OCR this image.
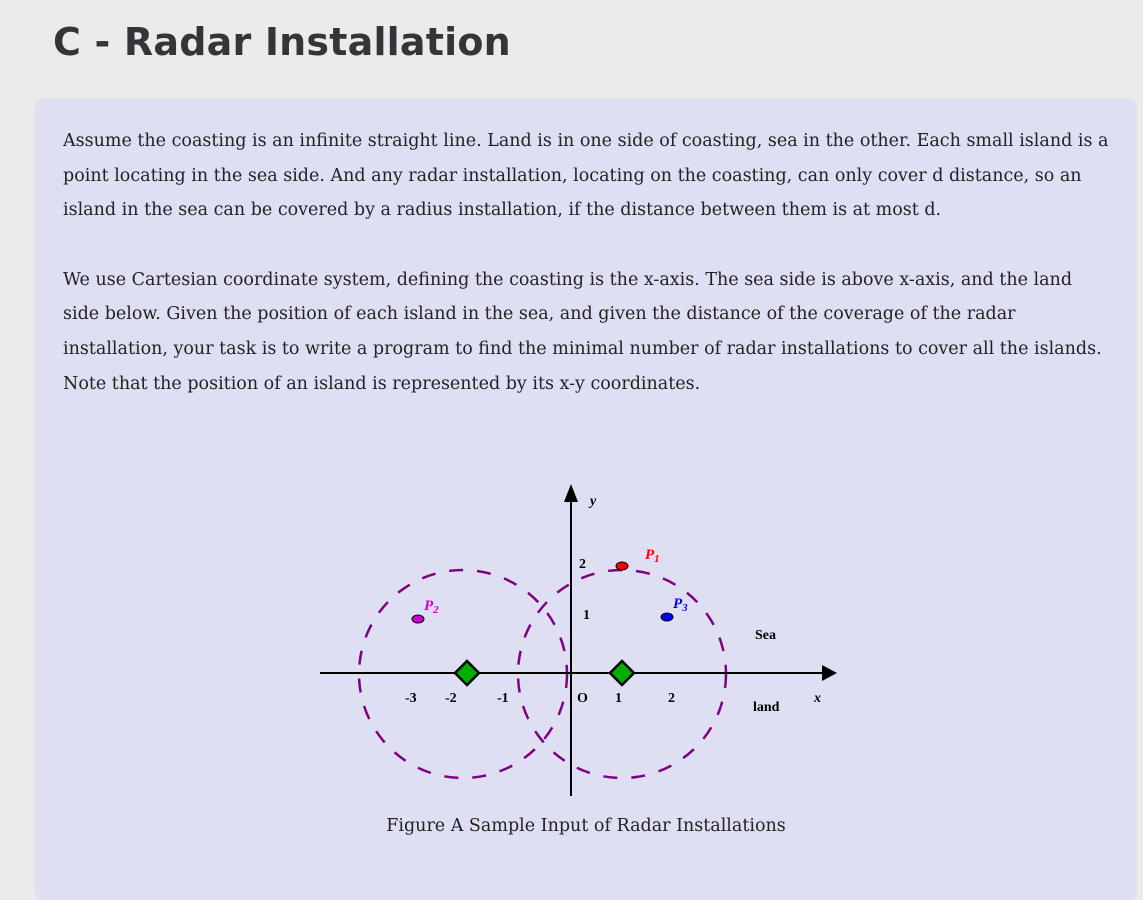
C - Radar Installation

Assume the coasting is an infinite straight line. Land is in one side of coasting, sea in the other. Each small island is a point locating in the sea side. And any radar installation, locating on the coasting, can only cover d distance, so an island in the sea can be covered by a radius installation, if the distance between them is at most d.

We use Cartesian coordinate system, defining the coasting is the x-axis. The sea side is above x-axis, and the land side below. Given the position of each island in the sea, and given the distance of the coverage of the radar installation, your task is to write a program to find the minimal number of radar installations to cover all the islands. Note that the position of an island is represented by its x-y coordinates.

y
x
-3 -2	-1	O 1	2
1
2
Sea
land
$P_1$
$P_2$	$P_3$
Figure A Sample Input of Radar Installations
